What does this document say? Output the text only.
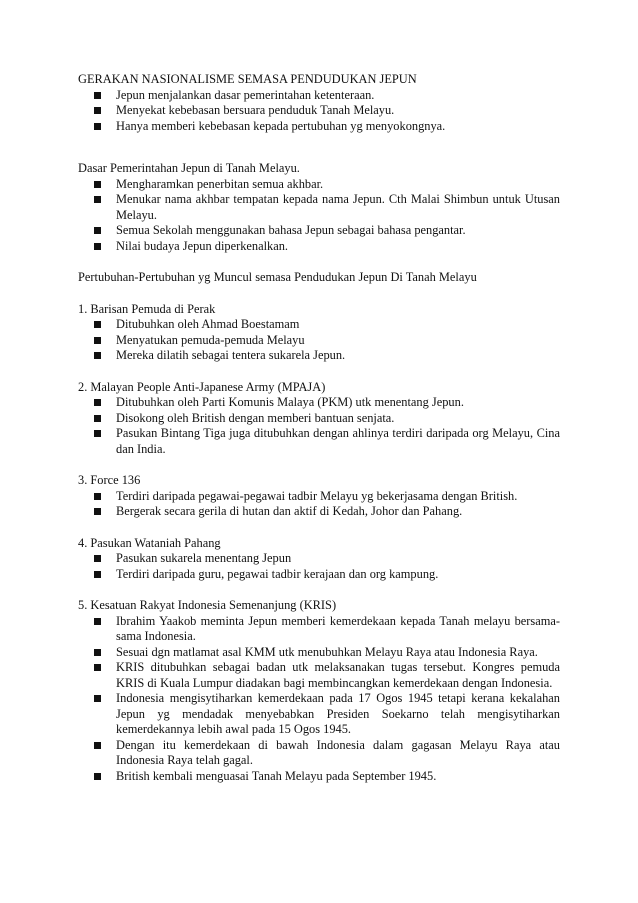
GERAKAN NASIONALISME SEMASA PENDUDUKAN JEPUN

Jepun menjalankan dasar pemerintahan ketenteraan.
Menyekat kebebasan bersuara penduduk Tanah Melayu.
Hanya memberi kebebasan kepada pertubuhan yg menyokongnya.

Dasar Pemerintahan Jepun di Tanah Melayu.

Mengharamkan penerbitan semua akhbar.
Menukar nama akhbar tempatan kepada nama Jepun. Cth Malai Shimbun untuk Utusan Melayu.
Semua Sekolah menggunakan bahasa Jepun sebagai bahasa pengantar.
Nilai budaya Jepun diperkenalkan.

Pertubuhan-Pertubuhan yg Muncul semasa Pendudukan Jepun Di Tanah Melayu

1. Barisan Pemuda di Perak

Ditubuhkan oleh Ahmad Boestamam
Menyatukan pemuda-pemuda Melayu
Mereka dilatih sebagai tentera sukarela Jepun.

2. Malayan People Anti-Japanese Army (MPAJA)

Ditubuhkan oleh Parti Komunis Malaya (PKM) utk menentang Jepun.
Disokong oleh British dengan memberi bantuan senjata.
Pasukan Bintang Tiga juga ditubuhkan dengan ahlinya terdiri daripada org Melayu, Cina dan India.

3. Force 136

Terdiri daripada pegawai-pegawai tadbir Melayu yg bekerjasama dengan British.
Bergerak secara gerila di hutan dan aktif di Kedah, Johor dan Pahang.

4. Pasukan Wataniah Pahang

Pasukan sukarela menentang Jepun
Terdiri daripada guru, pegawai tadbir kerajaan dan org kampung.

5. Kesatuan Rakyat Indonesia Semenanjung (KRIS)

Ibrahim Yaakob meminta Jepun memberi kemerdekaan kepada Tanah melayu bersama-sama Indonesia.
Sesuai dgn matlamat asal KMM utk menubuhkan Melayu Raya atau Indonesia Raya.
KRIS ditubuhkan sebagai badan utk melaksanakan tugas tersebut. Kongres pemuda KRIS di Kuala Lumpur diadakan bagi membincangkan kemerdekaan dengan Indonesia.
Indonesia mengisytiharkan kemerdekaan pada 17 Ogos 1945 tetapi kerana kekalahan Jepun yg mendadak menyebabkan Presiden Soekarno telah mengisytiharkan kemerdekannya lebih awal pada 15 Ogos 1945.
Dengan itu kemerdekaan di bawah Indonesia dalam gagasan Melayu Raya atau Indonesia Raya telah gagal.
British kembali menguasai Tanah Melayu pada September 1945.
